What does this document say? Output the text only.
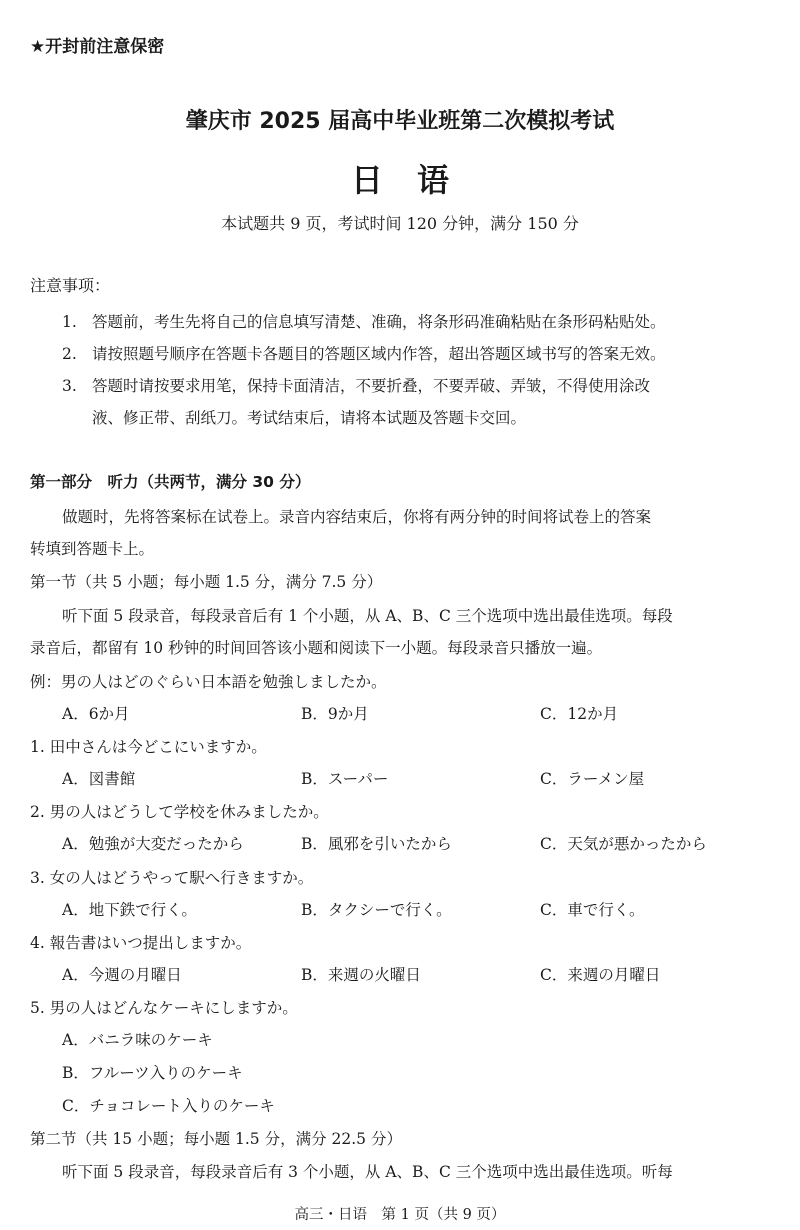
★开封前注意保密
肇庆市 2025 届高中毕业班第二次模拟考试
日语
本试题共 9 页，考试时间 120 分钟，满分 150 分
注意事项：
1. 答题前，考生先将自己的信息填写清楚、准确，将条形码准确粘贴在条形码粘贴处。
2. 请按照题号顺序在答题卡各题目的答题区域内作答，超出答题区域书写的答案无效。
3. 答题时请按要求用笔，保持卡面清洁，不要折叠，不要弄破、弄皱，不得使用涂改
液、修正带、刮纸刀。考试结束后，请将本试题及答题卡交回。
第一部分　听力（共两节，满分 30 分）
做题时，先将答案标在试卷上。录音内容结束后，你将有两分钟的时间将试卷上的答案
转填到答题卡上。
第一节（共 5 小题；每小题 1.5 分，满分 7.5 分）
听下面 5 段录音，每段录音后有 1 个小题，从 A、B、C 三个选项中选出最佳选项。每段
录音后，都留有 10 秒钟的时间回答该小题和阅读下一小题。每段录音只播放一遍。
例：男の人はどのぐらい日本語を勉強しましたか。
A．6か月	B．9か月	C．12か月
1. 田中さんは今どこにいますか。
A．図書館	B．スーパー	C．ラーメン屋
2. 男の人はどうして学校を休みましたか。
A．勉強が大変だったから	B．風邪を引いたから	C．天気が悪かったから
3. 女の人はどうやって駅へ行きますか。
A．地下鉄で行く。	B．タクシーで行く。	C．車で行く。
4. 報告書はいつ提出しますか。
A．今週の月曜日	B．来週の火曜日	C．来週の月曜日
5. 男の人はどんなケーキにしますか。
A．バニラ味のケーキ
B．フルーツ入りのケーキ
C．チョコレート入りのケーキ
第二节（共 15 小题；每小题 1.5 分，满分 22.5 分）
听下面 5 段录音，每段录音后有 3 个小题，从 A、B、C 三个选项中选出最佳选项。听每
高三・日语　第 1 页（共 9 页）
